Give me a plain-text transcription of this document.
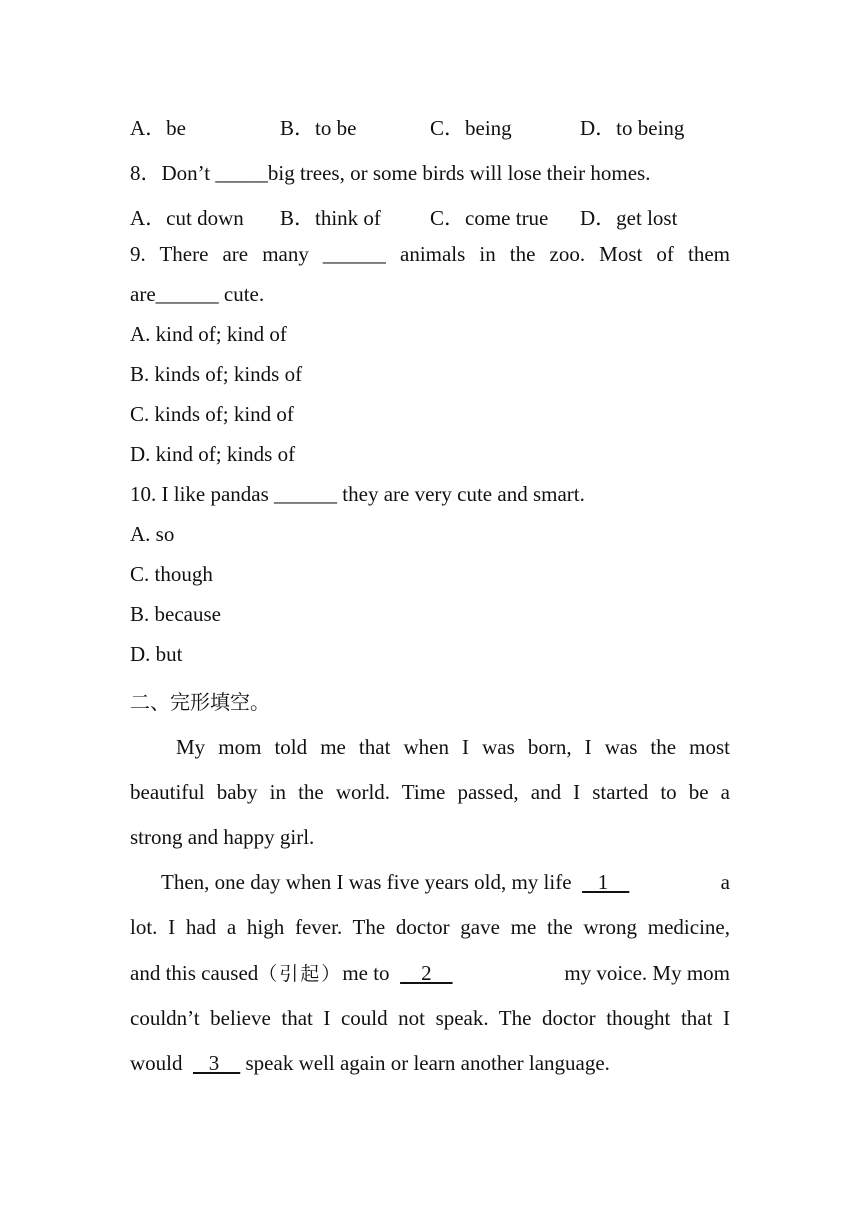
A．be	B．to be	C．being	D．to being
8．Don’t _____big trees, or some birds will lose their homes.
A．cut down B．think of C．come true D．get lost
9. There are many ______ animals in the zoo. Most of them
are______ cute.
A. kind of; kind of
B. kinds of; kinds of
C. kinds of; kind of
D. kind of; kinds of
10. I like pandas ______ they are very cute and smart.
A. so
C. though
B. because
D. but
二、完形填空。
My mom told me that when I was born, I was the most
beautiful baby in the world. Time passed, and I started to be a
strong and happy girl.
Then, one day when I was five years old, my life     1	a
lot. I had a high fever. The doctor gave me the wrong medicine,
and this caused（引起）me to      2	my voice. My mom
couldn’t believe that I could not speak. The doctor thought that I
would     3     speak well again or learn another language.
